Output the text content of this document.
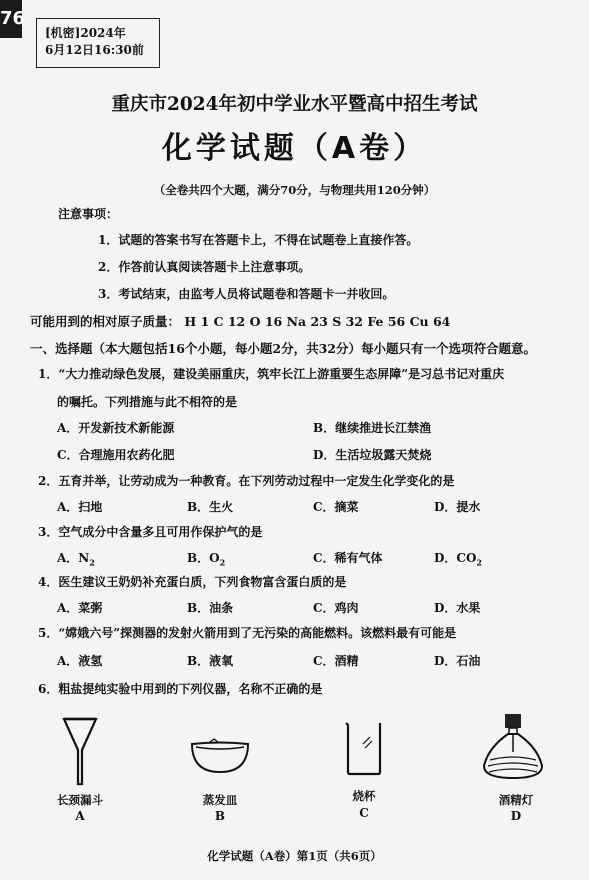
76
[机密]2024年
6月12日16:30前
重庆市2024年初中学业水平暨高中招生考试
化学试题（A卷）
（全卷共四个大题，满分70分，与物理共用120分钟）
注意事项：
1．试题的答案书写在答题卡上，不得在试题卷上直接作答。
2．作答前认真阅读答题卡上注意事项。
3．考试结束，由监考人员将试题卷和答题卡一并收回。
可能用到的相对原子质量： H 1 C 12 O 16 Na 23 S 32 Fe 56 Cu 64
一、选择题（本大题包括16个小题，每小题2分，共32分）每小题只有一个选项符合题意。
1．“大力推动绿色发展，建设美丽重庆，筑牢长江上游重要生态屏障”是习总书记对重庆
的嘱托。下列措施与此不相符的是
A．开发新技术新能源	B．继续推进长江禁渔
C．合理施用农药化肥	D．生活垃圾露天焚烧
2．五育并举，让劳动成为一种教育。在下列劳动过程中一定发生化学变化的是
A．扫地	B．生火	C．摘菜	D．提水
3．空气成分中含量多且可用作保护气的是
A．$N_2$	B．$O_2$	C．稀有气体	D．$CO_2$
4．医生建议王奶奶补充蛋白质，下列食物富含蛋白质的是
A．菜粥	B．油条	C．鸡肉	D．水果
5．“嫦娥六号”探测器的发射火箭用到了无污染的高能燃料。该燃料最有可能是
A．液氢	B．液氧	C．酒精	D．石油
6．粗盐提纯实验中用到的下列仪器，名称不正确的是
长颈漏斗
A
蒸发皿
B
烧杯
C
酒精灯
D
化学试题（A卷）第1页（共6页）
